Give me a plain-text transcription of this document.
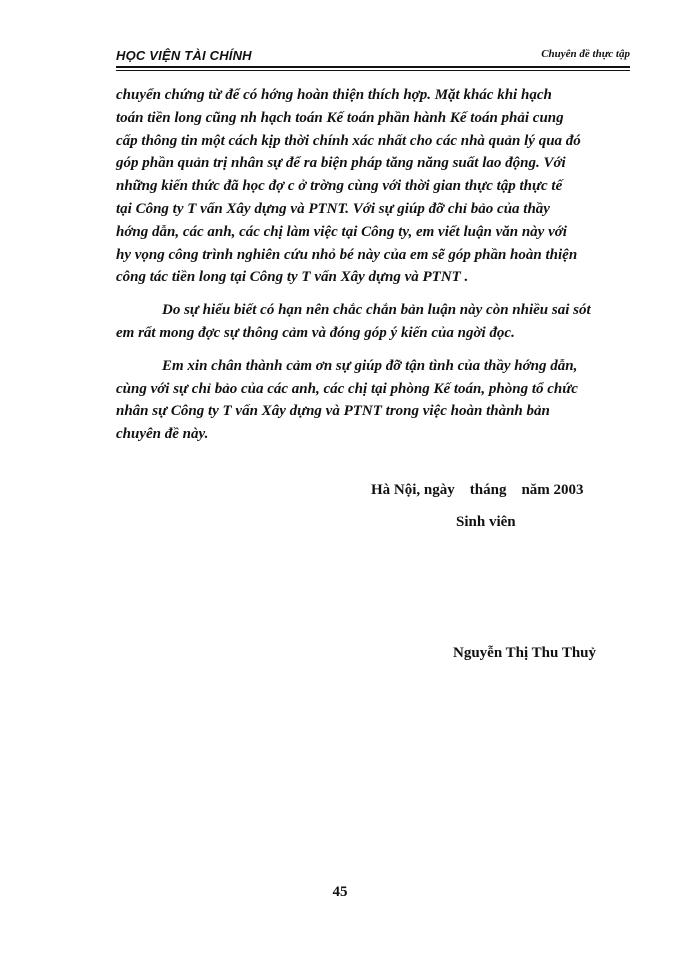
HỌC VIỆN TÀI CHÍNH	Chuyên đề thực tập

chuyển chứng từ để có hớng hoàn thiện thích hợp. Mặt khác khi hạch
toán tiền long cũng nh hạch toán Kế toán phần hành Kế toán phải cung
cấp thông tin một cách kịp thời chính xác nhất cho các nhà quản lý qua đó
góp phần quản trị nhân sự để ra biện pháp tăng năng suất lao động. Với
những kiến thức đã học đợ c ở trờng cùng với thời gian thực tập thực tế
tại Công ty T vấn Xây dựng và PTNT. Với sự giúp đỡ chỉ bảo của thầy
hớng dẫn, các anh, các chị làm việc tại Công ty, em viết luận văn này với
hy vọng công trình nghiên cứu nhỏ bé này của em sẽ góp phần hoàn thiện
công tác tiền long tại Công ty T vấn Xây dựng và PTNT .

Do sự hiểu biết có hạn nên chắc chắn bản luận này còn nhiều sai sót
em rất mong đợc sự thông cảm và đóng góp ý kiến của ngời đọc.

Em xin chân thành cảm ơn sự giúp đỡ tận tình của thầy hớng dẫn,
cùng với sự chỉ bảo của các anh, các chị tại phòng Kế toán, phòng tổ chức
nhân sự Công ty T vấn Xây dựng và PTNT trong việc hoàn thành bản
chuyên đề này.

Hà Nội, ngày    tháng    năm 2003
Sinh viên
Nguyễn Thị Thu Thuỷ
45
